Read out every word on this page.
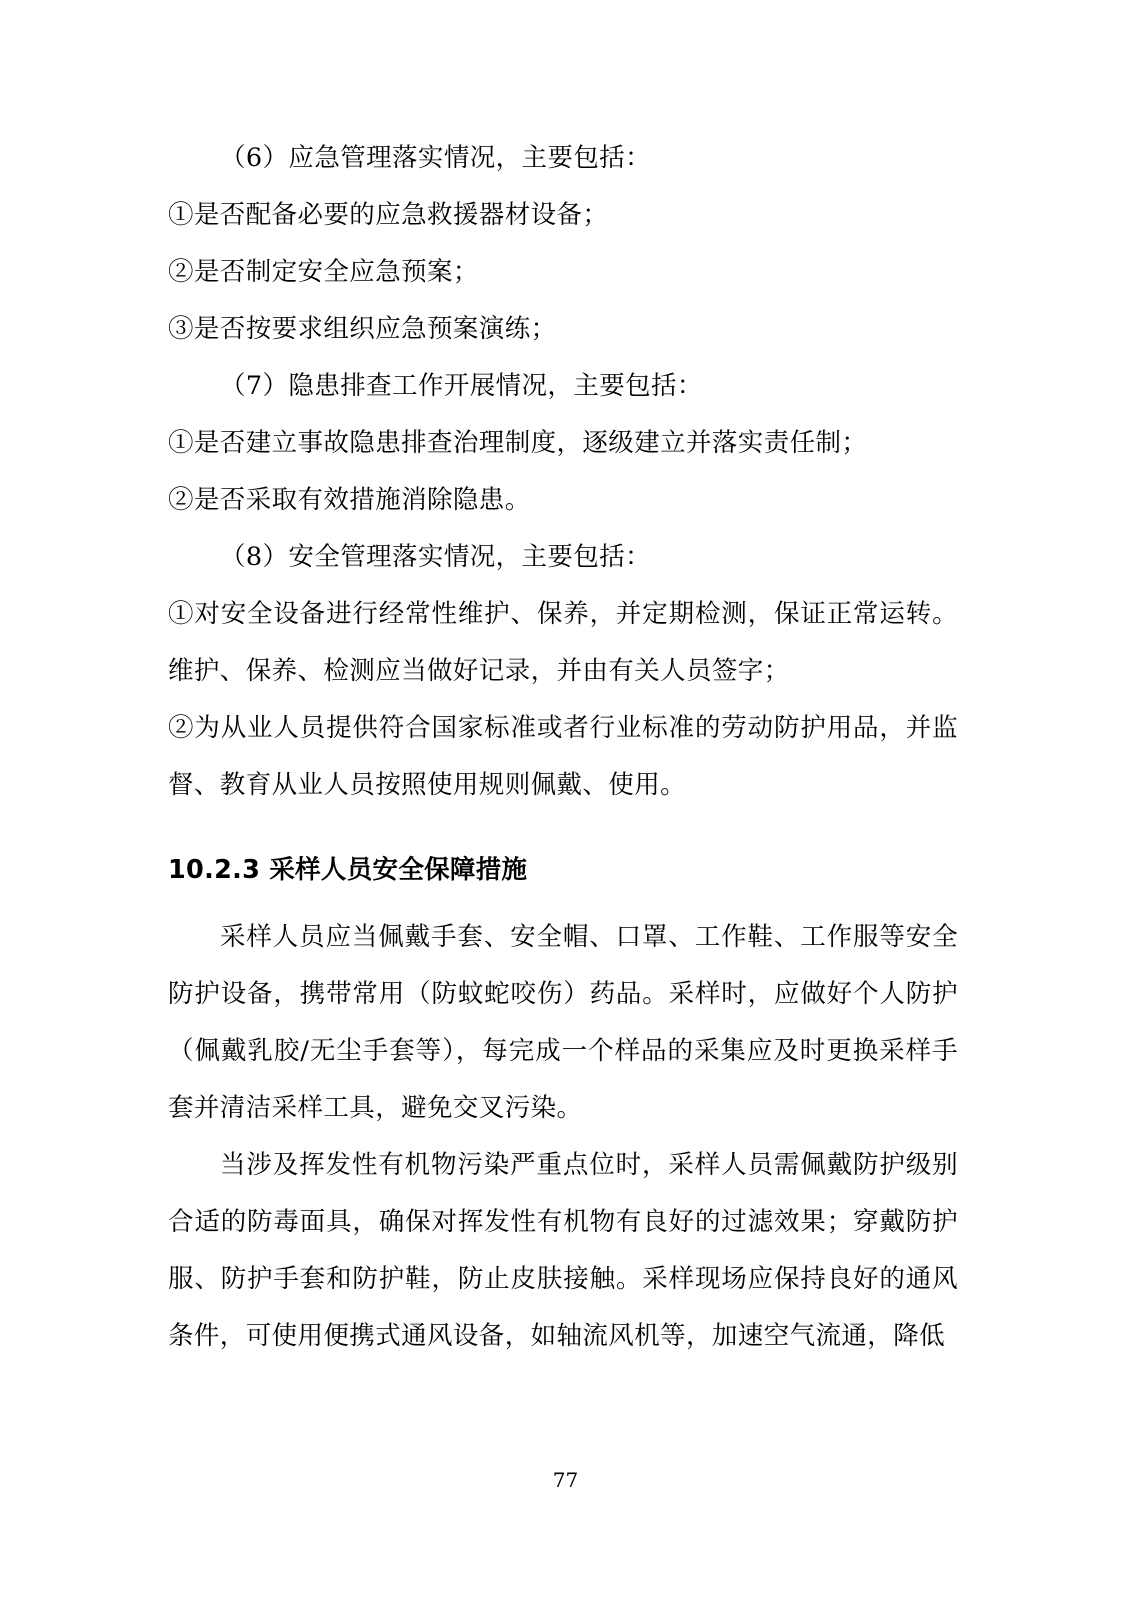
（6）应急管理落实情况，主要包括：

①是否配备必要的应急救援器材设备；

②是否制定安全应急预案；

③是否按要求组织应急预案演练；

（7）隐患排查工作开展情况，主要包括：

①是否建立事故隐患排查治理制度，逐级建立并落实责任制；

②是否采取有效措施消除隐患。

（8）安全管理落实情况，主要包括：

①对安全设备进行经常性维护、保养，并定期检测，保证正常运转。维护、保养、检测应当做好记录，并由有关人员签字；

②为从业人员提供符合国家标准或者行业标准的劳动防护用品，并监督、教育从业人员按照使用规则佩戴、使用。

10.2.3 采样人员安全保障措施

采样人员应当佩戴手套、安全帽、口罩、工作鞋、工作服等安全防护设备，携带常用（防蚊蛇咬伤）药品。采样时，应做好个人防护（佩戴乳胶/无尘手套等），每完成一个样品的采集应及时更换采样手套并清洁采样工具，避免交叉污染。

当涉及挥发性有机物污染严重点位时，采样人员需佩戴防护级别合适的防毒面具，确保对挥发性有机物有良好的过滤效果；穿戴防护服、防护手套和防护鞋，防止皮肤接触。采样现场应保持良好的通风条件，可使用便携式通风设备，如轴流风机等，加速空气流通，降低

77
